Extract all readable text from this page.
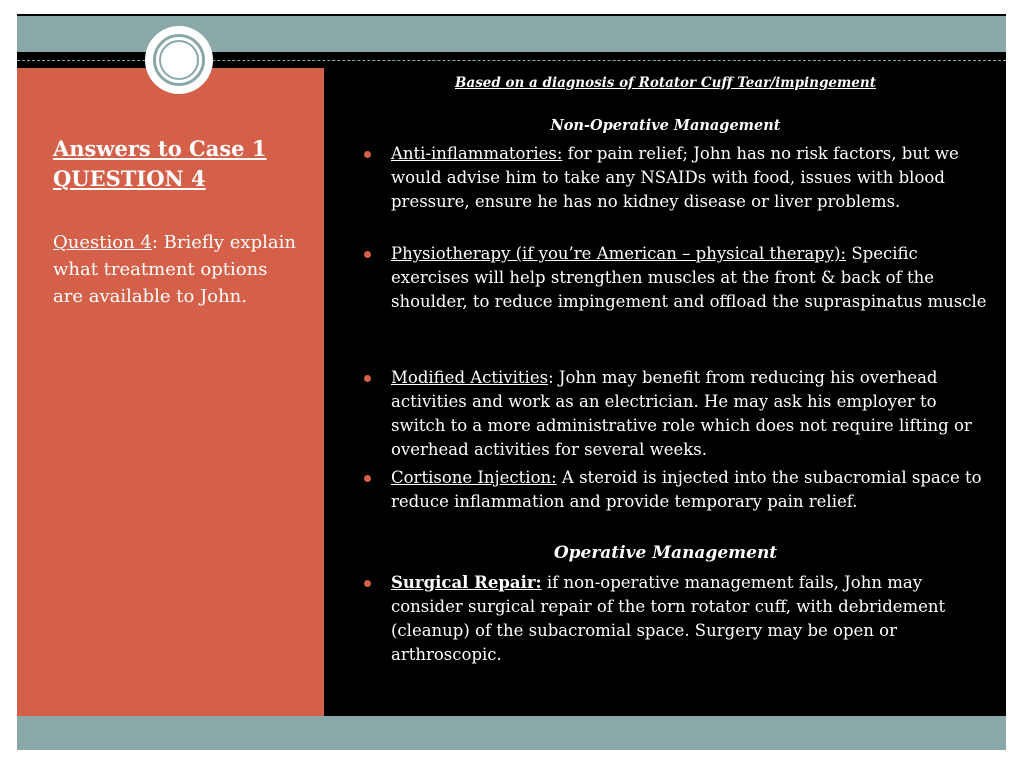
Answers to Case 1
QUESTION 4
Question 4: Briefly explain what treatment options are available to John.
Based on a diagnosis of Rotator Cuff Tear/impingement
Non-Operative Management
Anti-inflammatories: for pain relief; John has no risk factors, but we would advise him to take any NSAIDs with food, issues with blood pressure, ensure he has no kidney disease or liver problems.
Physiotherapy (if you’re American – physical therapy): Specific exercises will help strengthen muscles at the front & back of the shoulder, to reduce impingement and offload the supraspinatus muscle
Modified Activities: John may benefit from reducing his overhead activities and work as an electrician. He may ask his employer to switch to a more administrative role which does not require lifting or overhead activities for several weeks.
Cortisone Injection: A steroid is injected into the subacromial space to reduce inflammation and provide temporary pain relief.
Operative Management
Surgical Repair: if non-operative management fails, John may consider surgical repair of the torn rotator cuff, with debridement (cleanup) of the subacromial space. Surgery may be open or arthroscopic.
